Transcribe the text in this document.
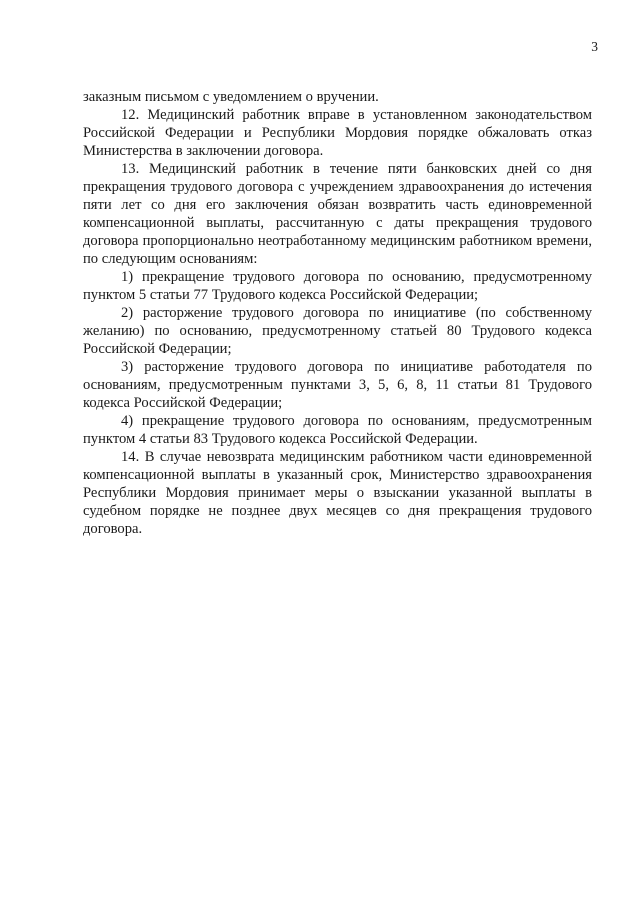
3

заказным письмом с уведомлением о вручении.

12. Медицинский работник вправе в установленном законодательством Российской Федерации и Республики Мордовия порядке обжаловать отказ Министерства в заключении договора.

13. Медицинский работник в течение пяти банковских дней со дня прекращения трудового договора с учреждением здравоохранения до истечения пяти лет со дня его заключения обязан возвратить часть единовременной компенсационной выплаты, рассчитанную с даты прекращения трудового договора пропорционально неотработанному медицинским работником времени, по следующим основаниям:

1) прекращение трудового договора по основанию, предусмотренному пунктом 5 статьи 77 Трудового кодекса Российской Федерации;

2) расторжение трудового договора по инициативе (по собственному желанию) по основанию, предусмотренному статьей 80 Трудового кодекса Российской Федерации;

3) расторжение трудового договора по инициативе работодателя по основаниям, предусмотренным пунктами 3, 5, 6, 8, 11 статьи 81 Трудового кодекса Российской Федерации;

4) прекращение трудового договора по основаниям, предусмотренным пунктом 4 статьи 83 Трудового кодекса Российской Федерации.

14. В случае невозврата медицинским работником части единовременной компенсационной выплаты в указанный срок, Министерство здравоохранения Республики Мордовия принимает меры о взыскании указанной выплаты в судебном порядке не позднее двух месяцев со дня прекращения трудового договора.
